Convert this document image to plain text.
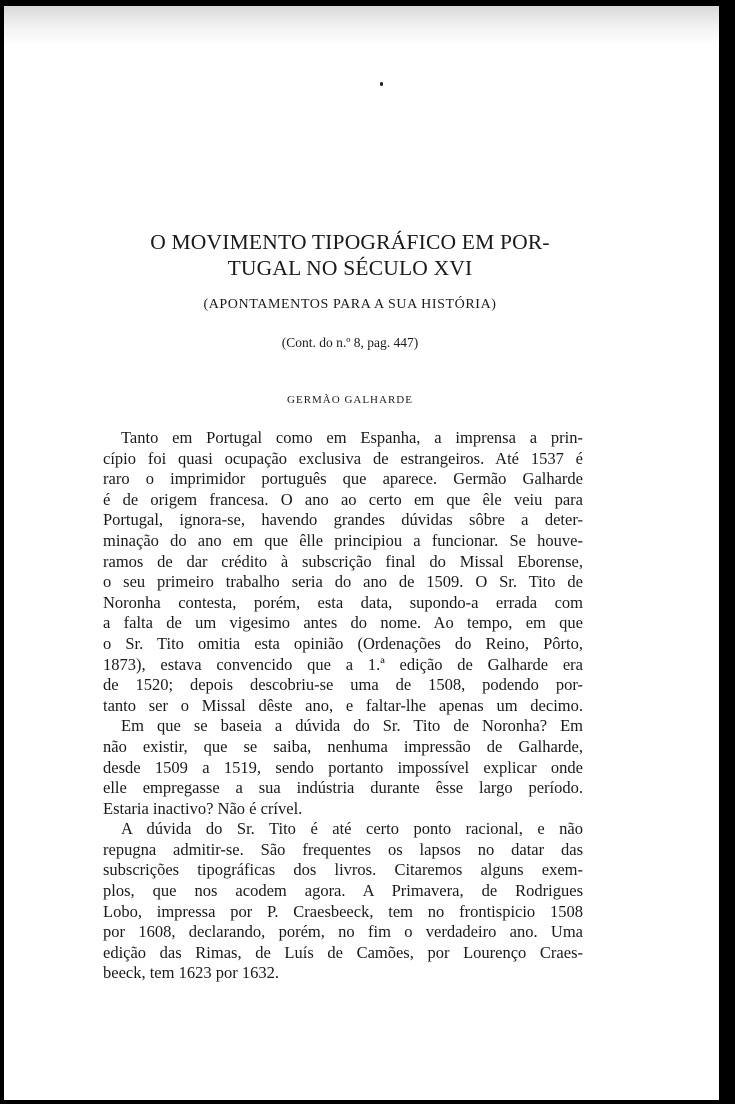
O MOVIMENTO TIPOGRÁFICO EM POR-
TUGAL NO SÉCULO XVI
(APONTAMENTOS PARA A SUA HISTÓRIA)
(Cont. do n.º 8, pag. 447)
GERMÃO GALHARDE
Tanto em Portugal como em Espanha, a imprensa a prin-
cípio foi quasi ocupação exclusiva de estrangeiros. Até 1537 é
raro o imprimidor português que aparece. Germão Galharde
é de origem francesa. O ano ao certo em que êle veiu para
Portugal, ignora-se, havendo grandes dúvidas sôbre a deter-
minação do ano em que êlle principiou a funcionar. Se houve-
ramos de dar crédito à subscrição final do Missal Eborense,
o seu primeiro trabalho seria do ano de 1509. O Sr. Tito de
Noronha contesta, porém, esta data, supondo-a errada com
a falta de um vigesimo antes do nome. Ao tempo, em que
o Sr. Tito omitia esta opinião (Ordenações do Reino, Pôrto,
1873), estava convencido que a 1.ª edição de Galharde era
de 1520; depois descobriu-se uma de 1508, podendo por-
tanto ser o Missal dêste ano, e faltar-lhe apenas um decimo.
Em que se baseia a dúvida do Sr. Tito de Noronha? Em
não existir, que se saiba, nenhuma impressão de Galharde,
desde 1509 a 1519, sendo portanto impossível explicar onde
elle empregasse a sua indústria durante êsse largo período.
Estaria inactivo? Não é crível.
A dúvida do Sr. Tito é até certo ponto racional, e não
repugna admitir-se. São frequentes os lapsos no datar das
subscrições tipográficas dos livros. Citaremos alguns exem-
plos, que nos acodem agora. A Primavera, de Rodrigues
Lobo, impressa por P. Craesbeeck, tem no frontispicio 1508
por 1608, declarando, porém, no fim o verdadeiro ano. Uma
edição das Rimas, de Luís de Camões, por Lourenço Craes-
beeck, tem 1623 por 1632.
